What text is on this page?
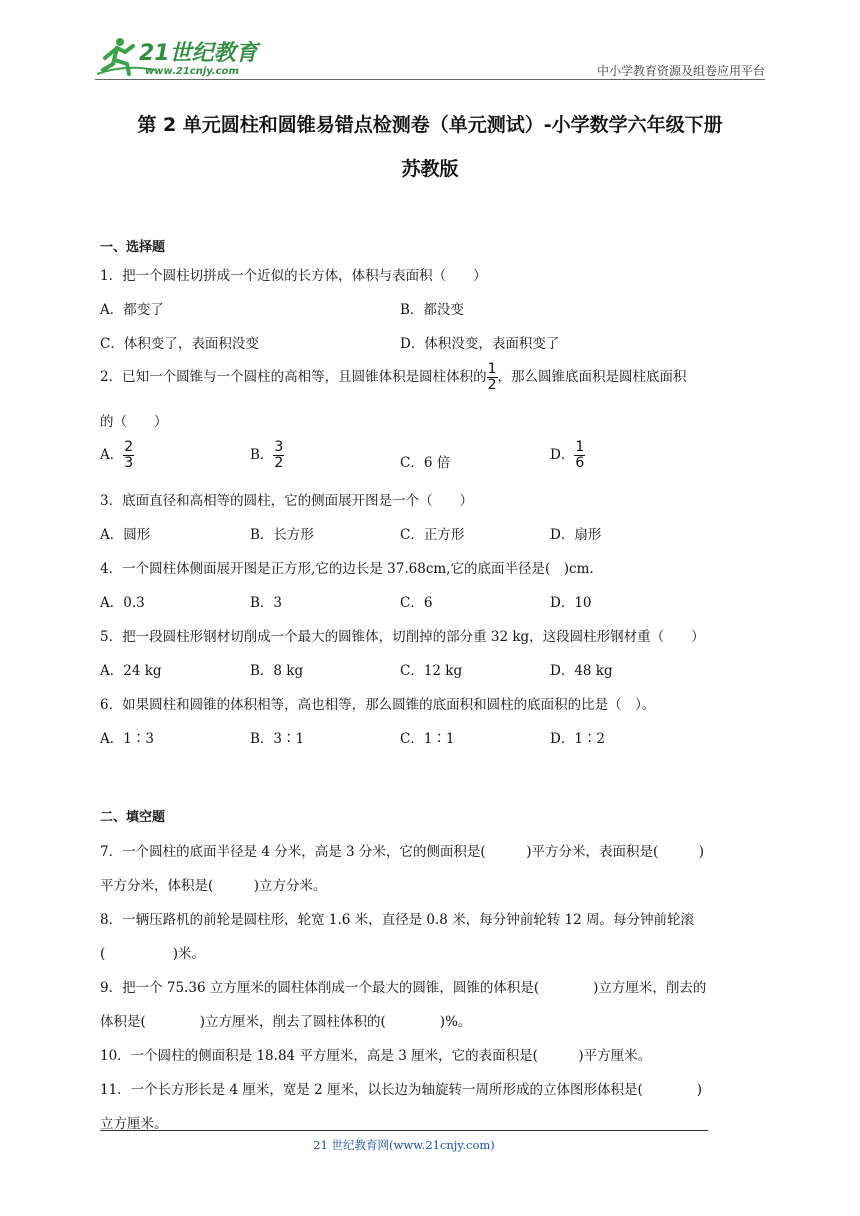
21世纪教育
www.21cnjy.com	中小学教育资源及组卷应用平台
第 2 单元圆柱和圆锥易错点检测卷（单元测试）-小学数学六年级下册
苏教版
一、选择题
1．把一个圆柱切拼成一个近似的长方体，体积与表面积（　　）
A．都变了	B．都没变
C．体积变了，表面积没变	D．体积没变，表面积变了
2．已知一个圆锥与一个圆柱的高相等，且圆锥体积是圆柱体积的 $\frac{1}{2}$ ，那么圆锥底面积是圆柱底面积
的（　　）
A． $\frac{2}{3}$	B． $\frac{3}{2}$	C．6 倍	D． $\frac{1}{6}$
3．底面直径和高相等的圆柱，它的侧面展开图是一个（　　）
A．圆形	B．长方形	C．正方形	D．扇形
4．一个圆柱体侧面展开图是正方形,它的边长是 37.68cm,它的底面半径是(　)cm.
A．0.3	B．3	C．6	D．10
5．把一段圆柱形钢材切削成一个最大的圆锥体，切削掉的部分重 32 kg，这段圆柱形钢材重（　　）
A．24 kg	B．8 kg	C．12 kg	D．48 kg
6．如果圆柱和圆锥的体积相等，高也相等，那么圆锥的底面积和圆柱的底面积的比是（　）。
A．1∶3	B．3∶1	C．1∶1	D．1∶2
二、填空题
7．一个圆柱的底面半径是 4 分米，高是 3 分米，它的侧面积是(　　　)平方分米，表面积是(　　　)
平方分米，体积是(　　　)立方分米。
8．一辆压路机的前轮是圆柱形，轮宽 1.6 米，直径是 0.8 米，每分钟前轮转 12 周。每分钟前轮滚
(　　　　　)米。
9．把一个 75.36 立方厘米的圆柱体削成一个最大的圆锥，圆锥的体积是(　　　　)立方厘米，削去的
体积是(　　　　)立方厘米，削去了圆柱体积的(　　　　)%。
10．一个圆柱的侧面积是 18.84 平方厘米，高是 3 厘米，它的表面积是(　　　)平方厘米。
11．一个长方形长是 4 厘米，宽是 2 厘米，以长边为轴旋转一周所形成的立体图形体积是(　　　　)
立方厘米。
21 世纪教育网(www.21cnjy.com)
